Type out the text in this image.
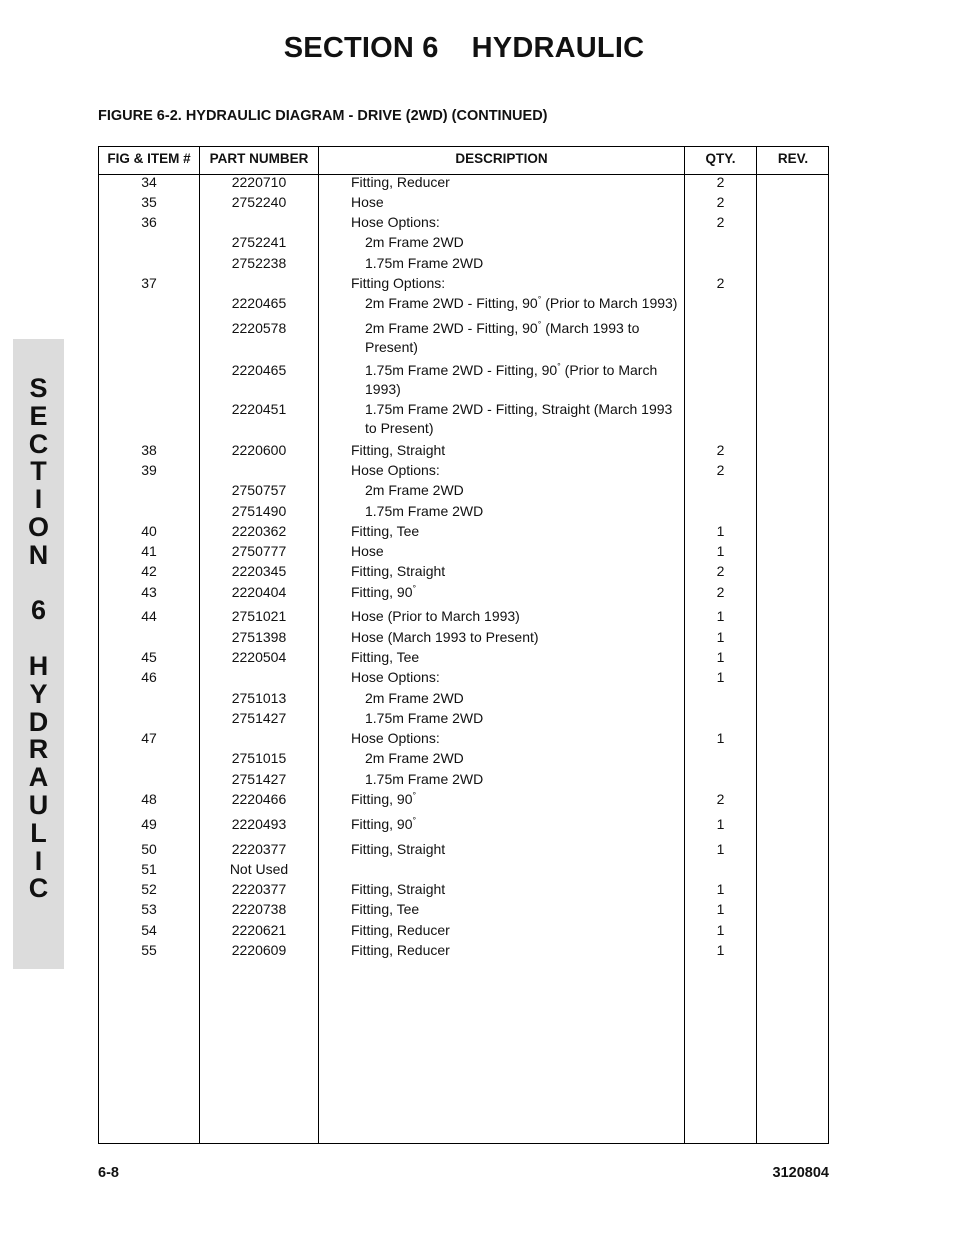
SECTION 6    HYDRAULIC
FIGURE 6-2. HYDRAULIC DIAGRAM - DRIVE (2WD) (CONTINUED)
S
E
C
T
I
O
N
6
H
Y
D
R
A
U
L
I
C
FIG & ITEM #	PART NUMBER	DESCRIPTION	QTY.	REV.
34	2220710	Fitting, Reducer	2
35	2752240	Hose	2
36	Hose Options:	2
2752241	2m Frame 2WD
2752238	1.75m Frame 2WD
37	Fitting Options:	2
2220465	2m Frame 2WD - Fitting, 90° (Prior to March 1993)
2220578	2m Frame 2WD - Fitting, 90° (March 1993 to Present)
2220465	1.75m Frame 2WD - Fitting, 90° (Prior to March 1993)
2220451	1.75m Frame 2WD - Fitting, Straight (March 1993 to Present)
38	2220600	Fitting, Straight	2
39	Hose Options:	2
2750757	2m Frame 2WD
2751490	1.75m Frame 2WD
40	2220362	Fitting, Tee	1
41	2750777	Hose	1
42	2220345	Fitting, Straight	2
43	2220404	Fitting, 90°	2
44	2751021	Hose (Prior to March 1993)	1
2751398	Hose (March 1993 to Present)	1
45	2220504	Fitting, Tee	1
46	Hose Options:	1
2751013	2m Frame 2WD
2751427	1.75m Frame 2WD
47	Hose Options:	1
2751015	2m Frame 2WD
2751427	1.75m Frame 2WD
48	2220466	Fitting, 90°	2
49	2220493	Fitting, 90°	1
50	2220377	Fitting, Straight	1
51	Not Used
52	2220377	Fitting, Straight	1
53	2220738	Fitting, Tee	1
54	2220621	Fitting, Reducer	1
55	2220609	Fitting, Reducer	1
6-8	3120804
